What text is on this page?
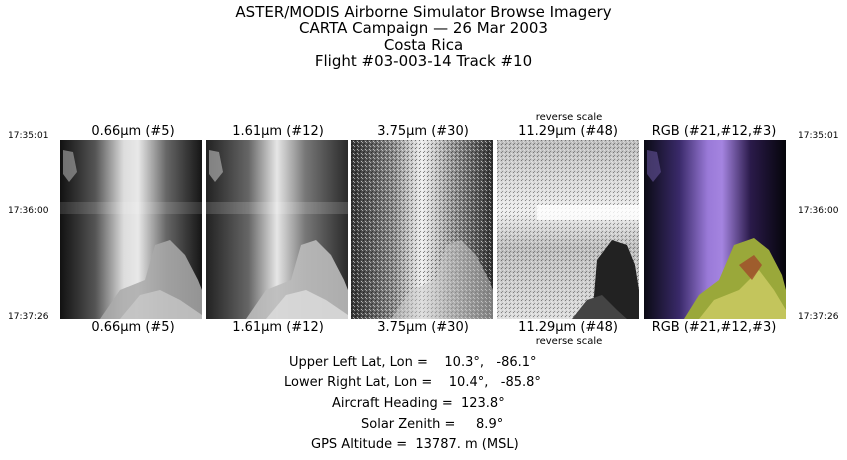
ASTER/MODIS Airborne Simulator Browse Imagery
CARTA Campaign — 26 Mar 2003
Costa Rica
Flight #03-003-14 Track #10
reverse scale
0.66μm (#5)	1.61μm (#12)	3.75μm (#30)	11.29μm (#48)	RGB (#21,#12,#3)
17:35:01
17:36:00
17:37:26
17:35:01
17:36:00
17:37:26
0.66μm (#5)	1.61μm (#12)	3.75μm (#30)	11.29μm (#48)	RGB (#21,#12,#3)
reverse scale
Upper Left Lat, Lon =    10.3°,   -86.1°
Lower Right Lat, Lon =    10.4°,   -85.8°
Aircraft Heading =  123.8°
Solar Zenith =     8.9°
GPS Altitude =  13787. m (MSL)
